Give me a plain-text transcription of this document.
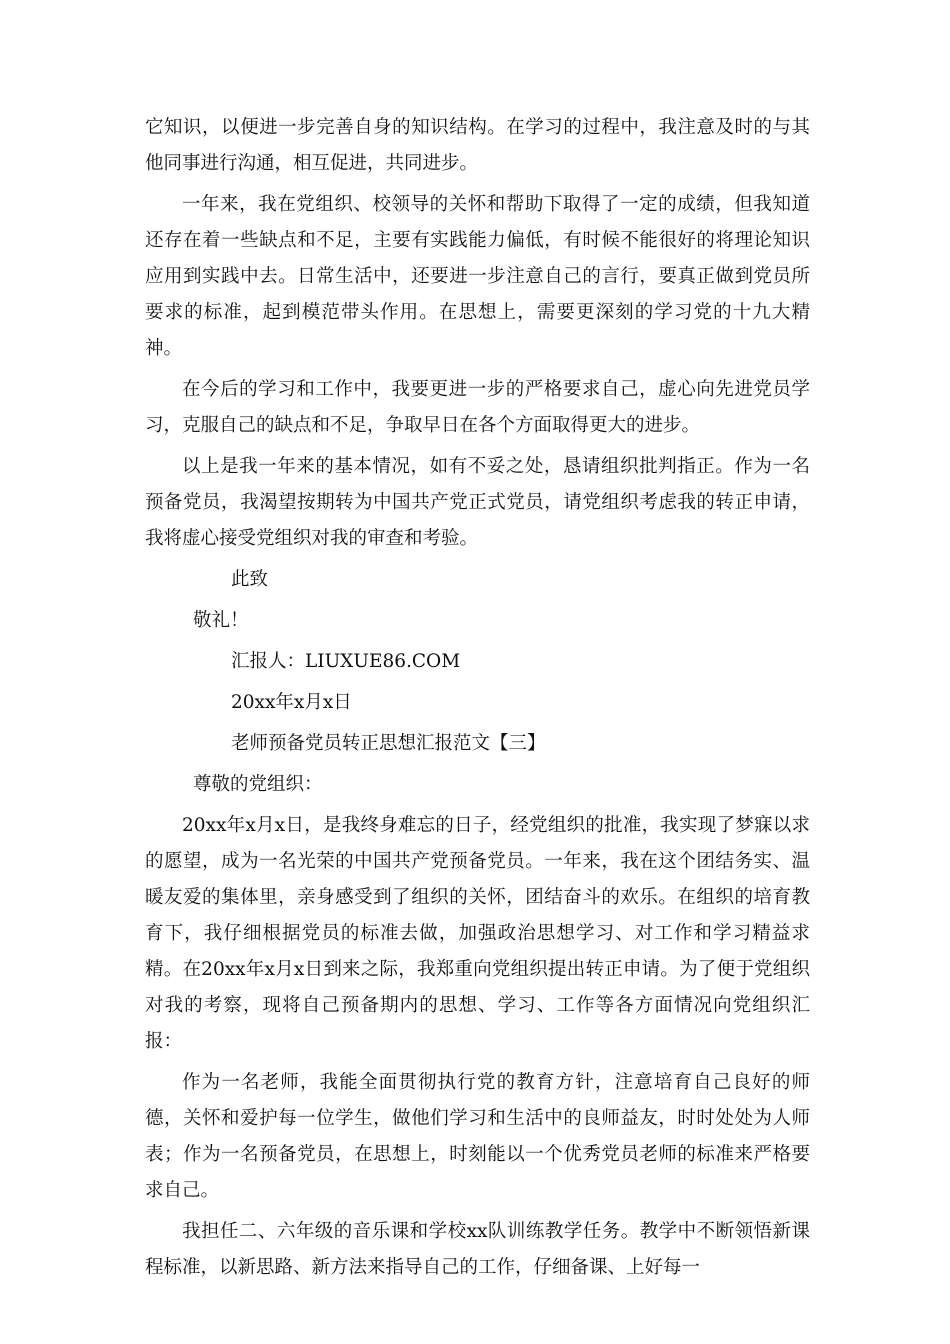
它知识，以便进一步完善自身的知识结构。在学习的过程中，我注意及时的与其他同事进行沟通，相互促进，共同进步。

一年来，我在党组织、校领导的关怀和帮助下取得了一定的成绩，但我知道还存在着一些缺点和不足，主要有实践能力偏低，有时候不能很好的将理论知识应用到实践中去。日常生活中，还要进一步注意自己的言行，要真正做到党员所要求的标准，起到模范带头作用。在思想上，需要更深刻的学习党的十九大精神。

在今后的学习和工作中，我要更进一步的严格要求自己，虚心向先进党员学习，克服自己的缺点和不足，争取早日在各个方面取得更大的进步。

以上是我一年来的基本情况，如有不妥之处，恳请组织批判指正。作为一名预备党员，我渴望按期转为中国共产党正式党员，请党组织考虑我的转正申请，我将虚心接受党组织对我的审查和考验。

此致
敬礼！
汇报人：LIUXUE86.COM
20xx年x月x日
老师预备党员转正思想汇报范文【三】
尊敬的党组织：

20xx年x月x日，是我终身难忘的日子，经党组织的批准，我实现了梦寐以求的愿望，成为一名光荣的中国共产党预备党员。一年来，我在这个团结务实、温暖友爱的集体里，亲身感受到了组织的关怀，团结奋斗的欢乐。在组织的培育教育下，我仔细根据党员的标准去做，加强政治思想学习、对工作和学习精益求精。在20xx年x月x日到来之际，我郑重向党组织提出转正申请。为了便于党组织对我的考察，现将自己预备期内的思想、学习、工作等各方面情况向党组织汇报：

作为一名老师，我能全面贯彻执行党的教育方针，注意培育自己良好的师德，关怀和爱护每一位学生，做他们学习和生活中的良师益友，时时处处为人师表；作为一名预备党员，在思想上，时刻能以一个优秀党员老师的标准来严格要求自己。

我担任二、六年级的音乐课和学校xx队训练教学任务。教学中不断领悟新课程标准，以新思路、新方法来指导自己的工作，仔细备课、上好每一
